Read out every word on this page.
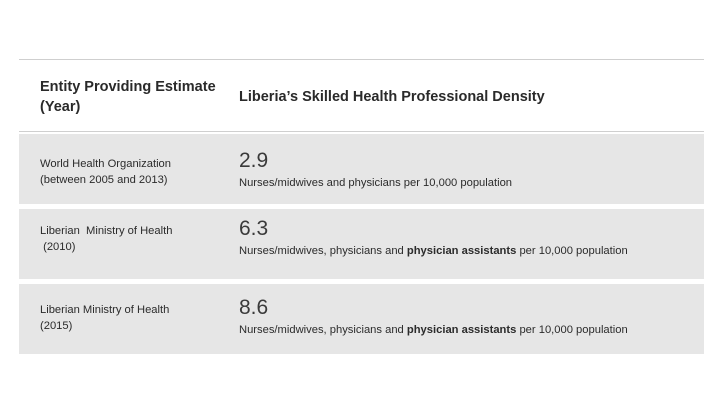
Entity Providing Estimate (Year)
Liberia’s Skilled Health Professional Density
World Health Organization
(between 2005 and 2013)
2.9
Nurses/midwives and physicians per 10,000 population
Liberian  Ministry of Health
(2010)
6.3
Nurses/midwives, physicians and physician assistants per 10,000 population
Liberian Ministry of Health
(2015)
8.6
Nurses/midwives, physicians and physician assistants per 10,000 population
